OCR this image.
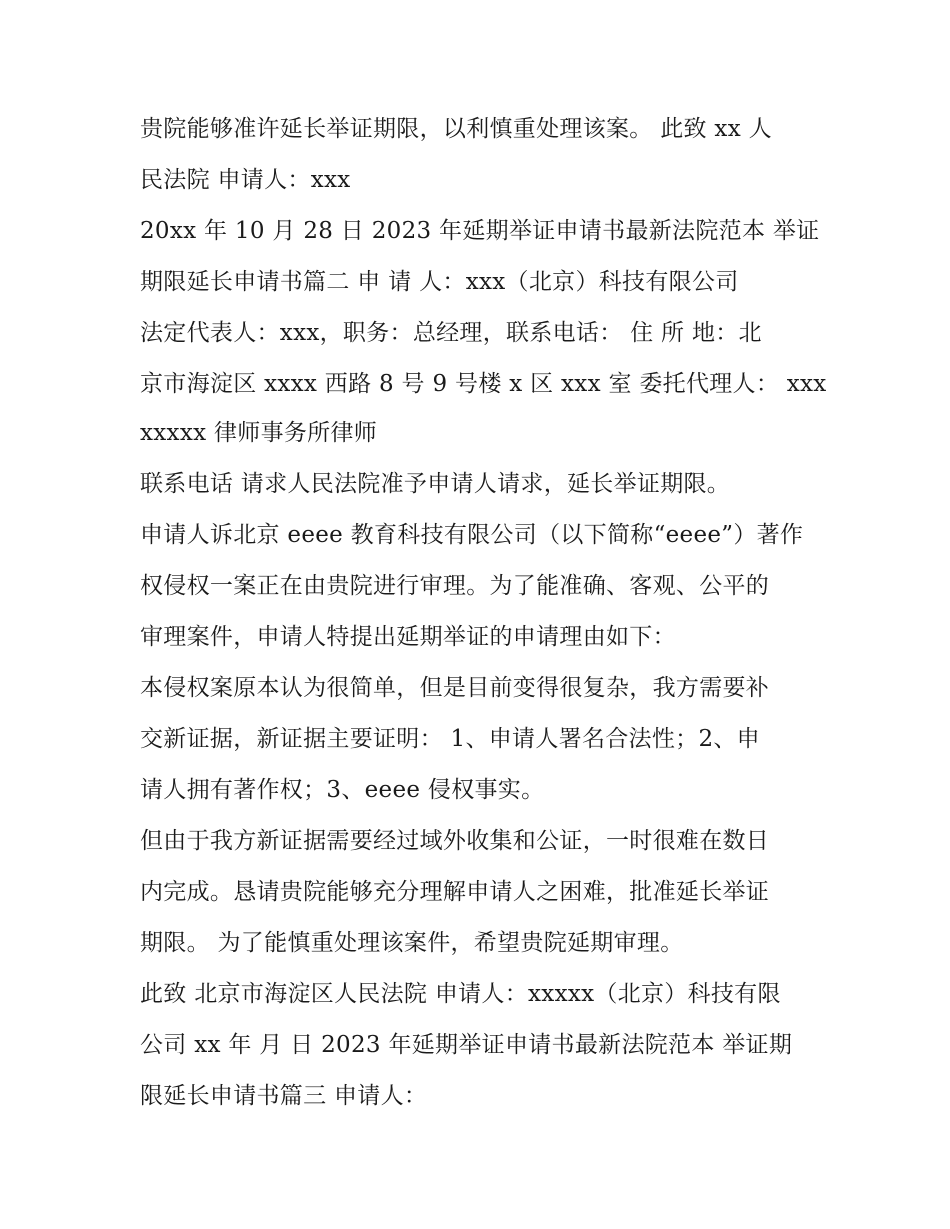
贵院能够准许延长举证期限，以利慎重处理该案。 此致 xx 人
民法院 申请人：xxx
20xx 年 10 月 28 日 2023 年延期举证申请书最新法院范本 举证
期限延长申请书篇二 申 请 人：xxx（北京）科技有限公司
法定代表人：xxx，职务：总经理，联系电话： 住 所 地：北
京市海淀区 xxxx 西路 8 号 9 号楼 x 区 xxx 室 委托代理人： xxx
xxxxx 律师事务所律师
联系电话 请求人民法院准予申请人请求，延长举证期限。
申请人诉北京 eeee 教育科技有限公司（以下简称“eeee”）著作
权侵权一案正在由贵院进行审理。为了能准确、客观、公平的
审理案件，申请人特提出延期举证的申请理由如下：
本侵权案原本认为很简单，但是目前变得很复杂，我方需要补
交新证据，新证据主要证明： 1、申请人署名合法性；2、申
请人拥有著作权；3、eeee 侵权事实。
但由于我方新证据需要经过域外收集和公证，一时很难在数日
内完成。恳请贵院能够充分理解申请人之困难，批准延长举证
期限。 为了能慎重处理该案件，希望贵院延期审理。
此致 北京市海淀区人民法院 申请人：xxxxx（北京）科技有限
公司 xx 年 月 日 2023 年延期举证申请书最新法院范本 举证期
限延长申请书篇三 申请人：
